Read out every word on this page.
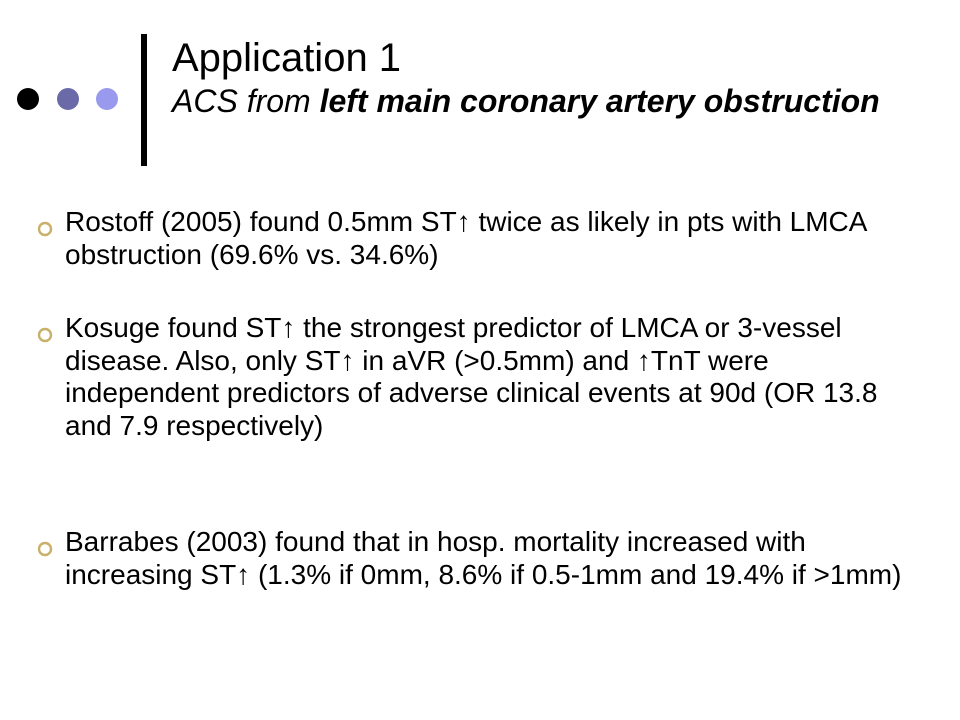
Application 1
ACS from left main coronary artery obstruction
Rostoff (2005) found 0.5mm ST↑ twice as likely in pts with LMCA obstruction (69.6% vs. 34.6%)
Kosuge found ST↑ the strongest predictor of LMCA or 3-vessel disease. Also, only ST↑ in aVR (>0.5mm) and ↑TnT were independent predictors of adverse clinical events at 90d (OR 13.8 and 7.9 respectively)
Barrabes (2003) found that in hosp. mortality increased with increasing ST↑ (1.3% if 0mm, 8.6% if 0.5-1mm and 19.4% if >1mm)
